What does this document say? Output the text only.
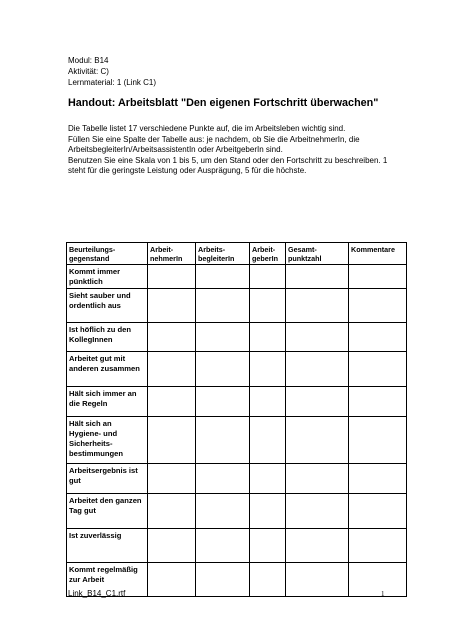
Modul: B14
Aktivität: C)
Lernmaterial: 1 (Link C1)
Handout: Arbeitsblatt "Den eigenen Fortschritt überwachen"

Die Tabelle listet 17 verschiedene Punkte auf, die im Arbeitsleben wichtig sind.

Füllen Sie eine Spalte der Tabelle aus: je nachdem, ob Sie die ArbeitnehmerIn, die ArbeitsbegleiterIn/ArbeitsassistentIn oder ArbeitgeberIn sind.

Benutzen Sie eine Skala von 1 bis 5, um den Stand oder den Fortschritt zu beschreiben. 1 steht für die geringste Leistung oder Ausprägung, 5 für die höchste.

Beurteilungs-gegenstand	Arbeit-nehmerIn	Arbeits-begleiterIn	Arbeit-geberIn	Gesamt-punktzahl	Kommentare
Kommt immer pünktlich					
Sieht sauber und ordentlich aus					
Ist höflich zu den KollegInnen					
Arbeitet gut mit anderen zusammen					
Hält sich immer an die Regeln					
Hält sich an Hygiene- und Sicherheits-bestimmungen					
Arbeitsergebnis ist gut					
Arbeitet den ganzen Tag gut					
Ist zuverlässig					
Kommt regelmäßig zur Arbeit					
Link_B14_C1.rtf	1
